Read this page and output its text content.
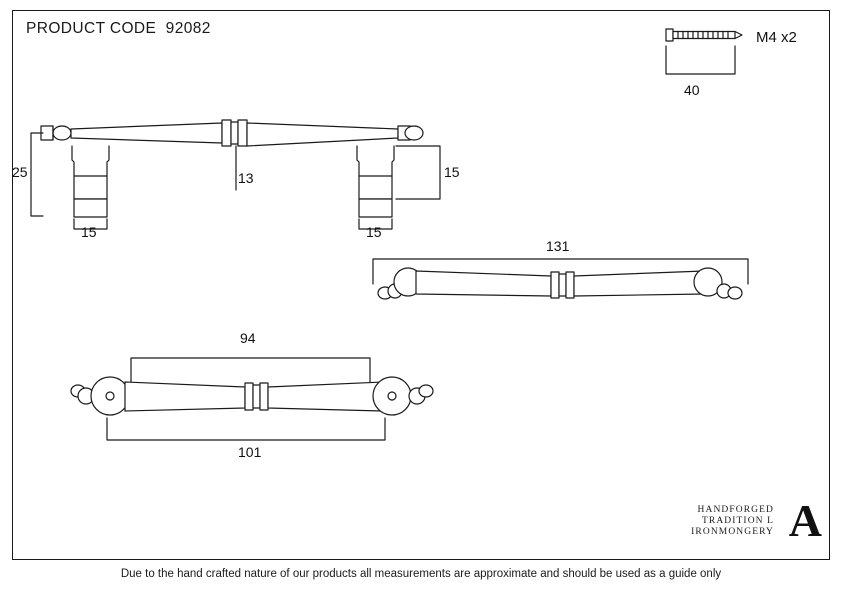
PRODUCT CODE 92082
40
M4 x2
25	13
15	15
15
131
94
101
HANDFORGED
TRADITION L
IRONMONGERY A
Due to the hand crafted nature of our products all measurements are approximate and should be used as a guide only
